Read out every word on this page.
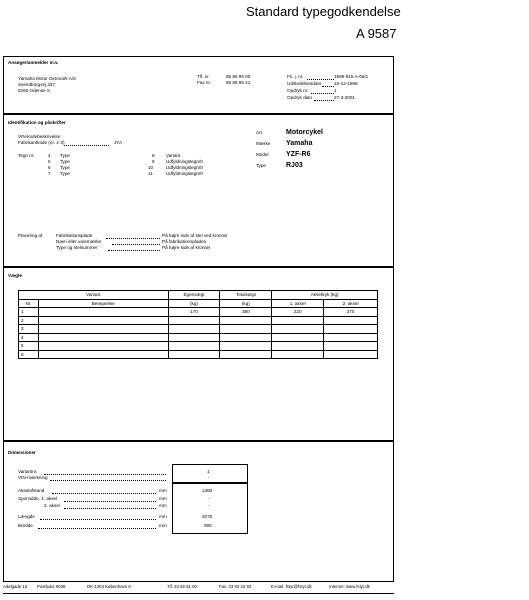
Standard typegodkendelse
A 9587
Ansøger/anmelder m.v.
Yamaha Motor Denmark A/S
Svendborgvej 337
5260 Odense S
Tlf. nr.	65 95 96 00
Fax nr.	65 95 95 41
Fs. j. nr.	1998-615.A-66/1
Udstedelsesdato	15-12-1998
Opdryk nr.	1
Opdryk dato	27-3-2001
Identifikation og påskrifter
VIN-kodebeskrivelse
Fabrikantkode (nr. 1-3)	JYA
Tegn nr.	4 Type
5 Type
6 Type
7 Type
8 Variant
9 Udfyldningstegn/0
10	Udfyldningstegn/0
11	Udfyldningstegn/0
Art	Motorcykel
Mærke Yamaha
Model YZF-R6
Type	RJ03
Placering af	Fabrikationsplade	På højre side af stel ved kronrør
Navn eller varemærke	På fabrikationspladen
Type og stelnummer	På højre side af kronrør
Vægte
Variant		Egenvægt	Totalvægt	Akseltryk (kg)	
Nr.	Betegnelse	(kg)	(kg)	1. aksel	2. aksel
1		170	380	220	370
2					
3					
4					
5					
6					
Dimensioner
Variantnr.	1
VIN-mærkning	-
Akselafstand	mm	1380
Sporvidde, 1. aksel	mm	-
2. aksel	mm	-
Længde	mm	2075
Bredde	mm	690
Adelgade 13 Postboks 9039	DK-1304 København K	Tlf. 33 92 91 00	Fax. 33 93 22 92	E-mail: fstyr@fstyr.dk	Internet: www.fstyr.dk
